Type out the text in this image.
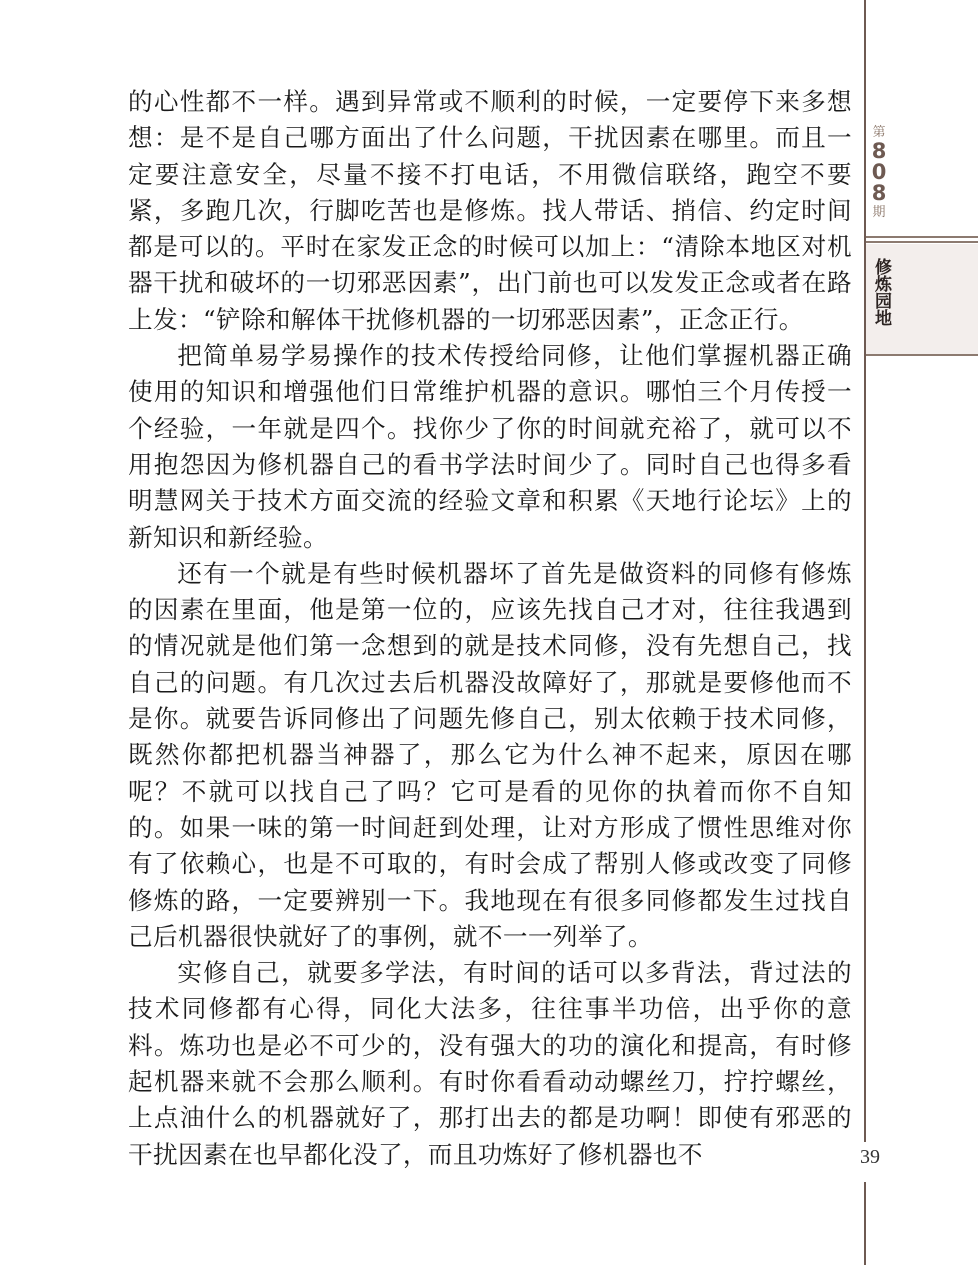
的心性都不一样。遇到异常或不顺利的时候，一定要停下来多想想：是不是自己哪方面出了什么问题，干扰因素在哪里。而且一定要注意安全，尽量不接不打电话，不用微信联络，跑空不要紧，多跑几次，行脚吃苦也是修炼。找人带话、捎信、约定时间都是可以的。平时在家发正念的时候可以加上：“清除本地区对机器干扰和破坏的一切邪恶因素”，出门前也可以发发正念或者在路上发：“铲除和解体干扰修机器的一切邪恶因素”，正念正行。

把简单易学易操作的技术传授给同修，让他们掌握机器正确使用的知识和增强他们日常维护机器的意识。哪怕三个月传授一个经验，一年就是四个。找你少了你的时间就充裕了，就可以不用抱怨因为修机器自己的看书学法时间少了。同时自己也得多看明慧网关于技术方面交流的经验文章和积累《天地行论坛》上的新知识和新经验。

还有一个就是有些时候机器坏了首先是做资料的同修有修炼的因素在里面，他是第一位的，应该先找自己才对，往往我遇到的情况就是他们第一念想到的就是技术同修，没有先想自己，找自己的问题。有几次过去后机器没故障好了，那就是要修他而不是你。就要告诉同修出了问题先修自己，别太依赖于技术同修，既然你都把机器当神器了，那么它为什么神不起来，原因在哪呢？不就可以找自己了吗？它可是看的见你的执着而你不自知的。如果一味的第一时间赶到处理，让对方形成了惯性思维对你有了依赖心，也是不可取的，有时会成了帮别人修或改变了同修修炼的路，一定要辨别一下。我地现在有很多同修都发生过找自己后机器很快就好了的事例，就不一一列举了。

实修自己，就要多学法，有时间的话可以多背法，背过法的技术同修都有心得，同化大法多，往往事半功倍，出乎你的意料。炼功也是必不可少的，没有强大的功的演化和提高，有时修起机器来就不会那么顺利。有时你看看动动螺丝刀，拧拧螺丝，上点油什么的机器就好了，那打出去的都是功啊！即使有邪恶的干扰因素在也早都化没了，而且功炼好了修机器也不

第
8
0
8
期
修炼园地
39
